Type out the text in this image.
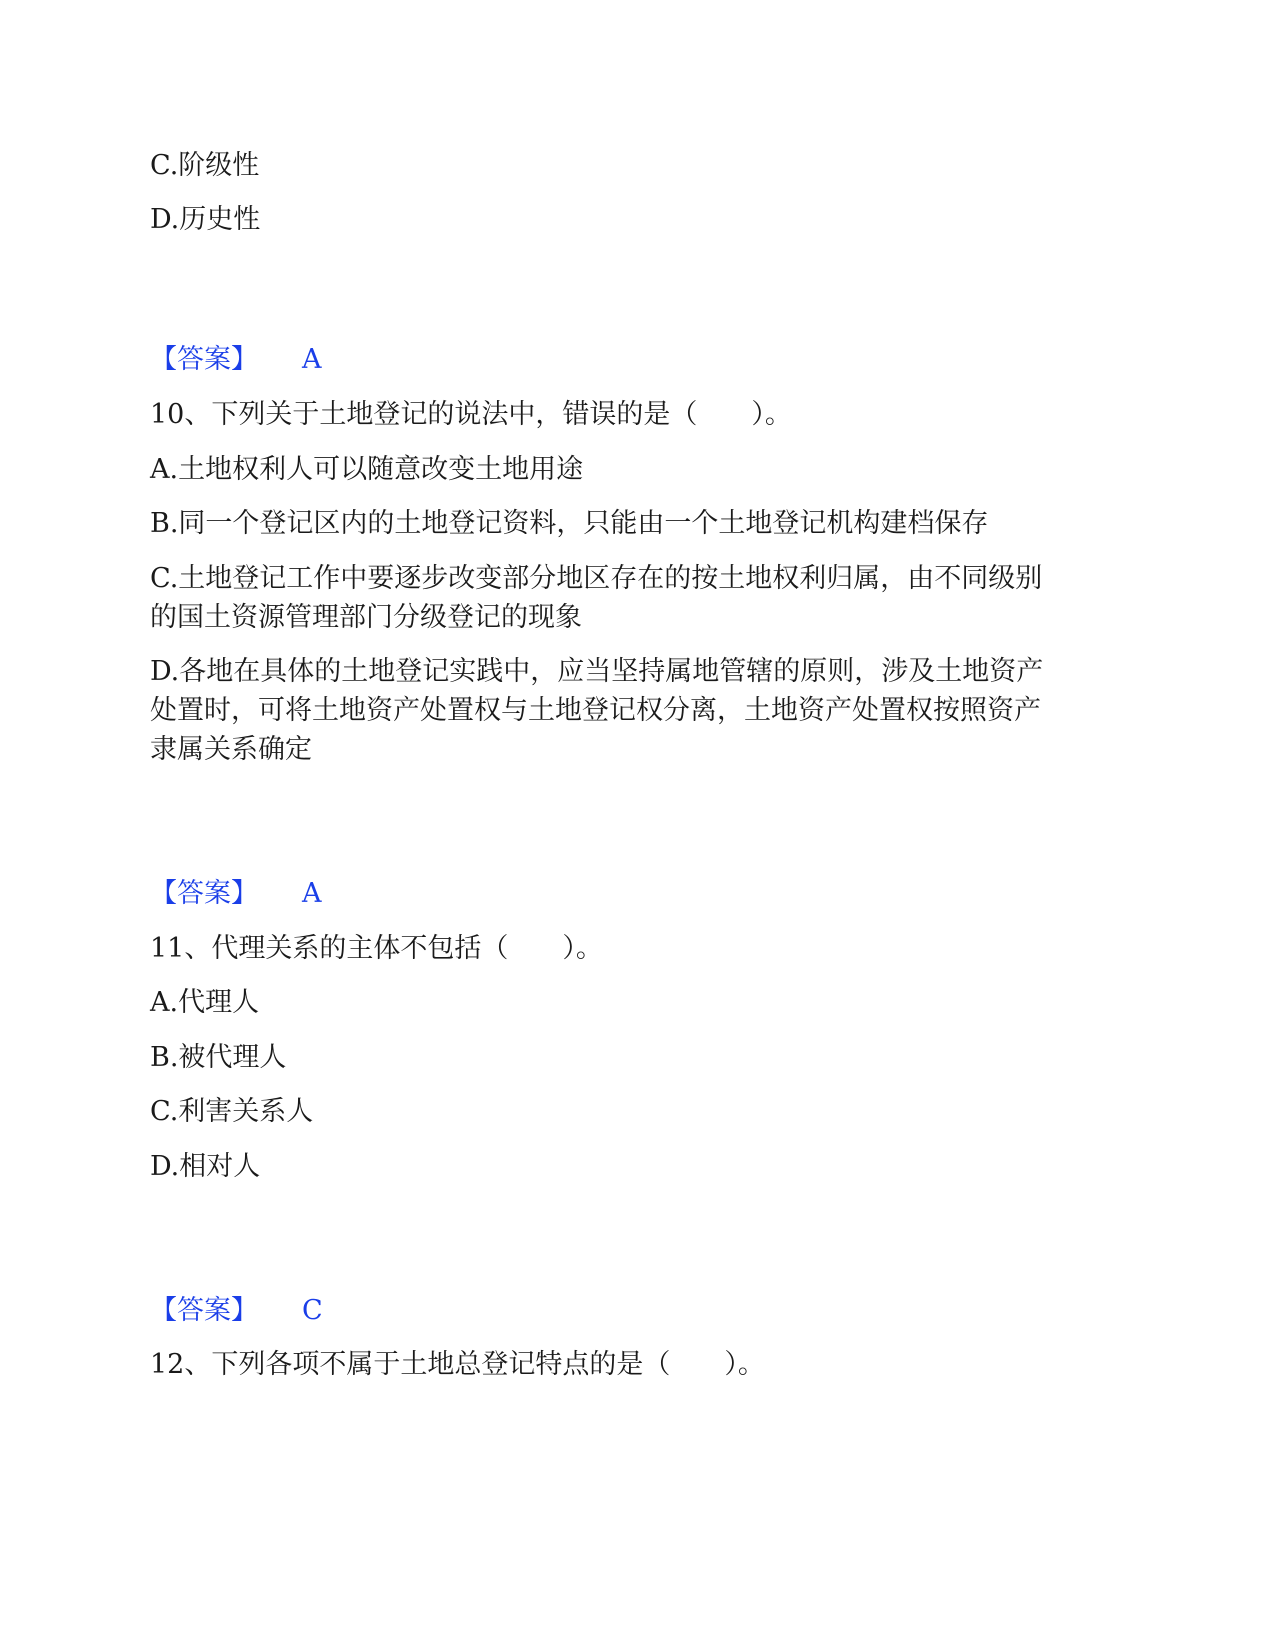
C.阶级性
D.历史性
【答案】 A
10、下列关于土地登记的说法中，错误的是（　　）。
A.土地权利人可以随意改变土地用途
B.同一个登记区内的土地登记资料，只能由一个土地登记机构建档保存
C.土地登记工作中要逐步改变部分地区存在的按土地权利归属，由不同级别
的国土资源管理部门分级登记的现象
D.各地在具体的土地登记实践中，应当坚持属地管辖的原则，涉及土地资产
处置时，可将土地资产处置权与土地登记权分离，土地资产处置权按照资产
隶属关系确定
【答案】 A
11、代理关系的主体不包括（　　）。
A.代理人
B.被代理人
C.利害关系人
D.相对人
【答案】 C
12、下列各项不属于土地总登记特点的是（　　）。
